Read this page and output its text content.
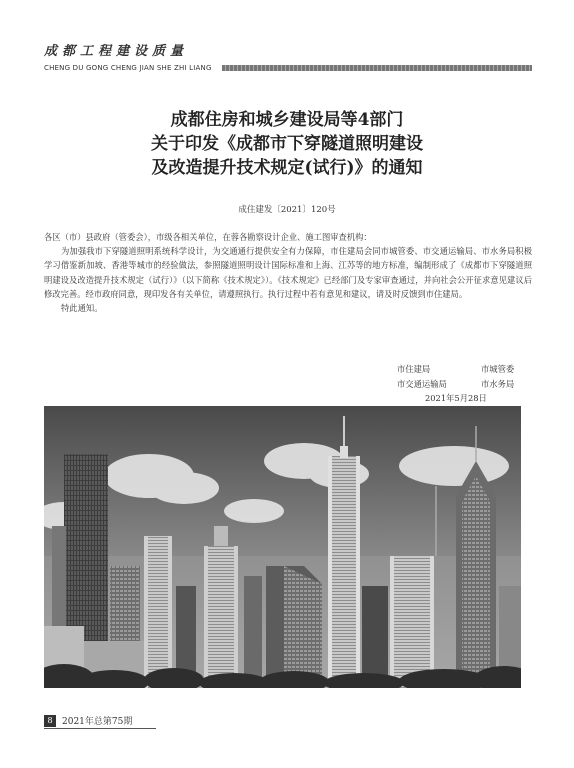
成都工程建设质量
CHENG DU GONG CHENG JIAN SHE ZHI LIANG
成都住房和城乡建设局等4部门
关于印发《成都市下穿隧道照明建设
及改造提升技术规定(试行)》的通知
成住建发〔2021〕120号

各区（市）县政府（管委会），市级各相关单位，在蓉各勘察设计企业、施工图审查机构：

为加强我市下穿隧道照明系统科学设计，为交通通行提供安全有力保障，市住建局会同市城管委、市交通运输局、市水务局积极学习借鉴新加坡、香港等城市的经验做法，参照隧道照明设计国际标准和上海、江苏等的地方标准，编制形成了《成都市下穿隧道照明建设及改造提升技术规定（试行）》（以下简称《技术规定》）。《技术规定》已经部门及专家审查通过，并向社会公开征求意见建议后修改完善。经市政府同意，现印发各有关单位，请遵照执行。执行过程中若有意见和建议，请及时反馈到市住建局。

特此通知。

市住建局	市城管委
市交通运输局	市水务局
2021年5月28日
8	2021年总第75期
